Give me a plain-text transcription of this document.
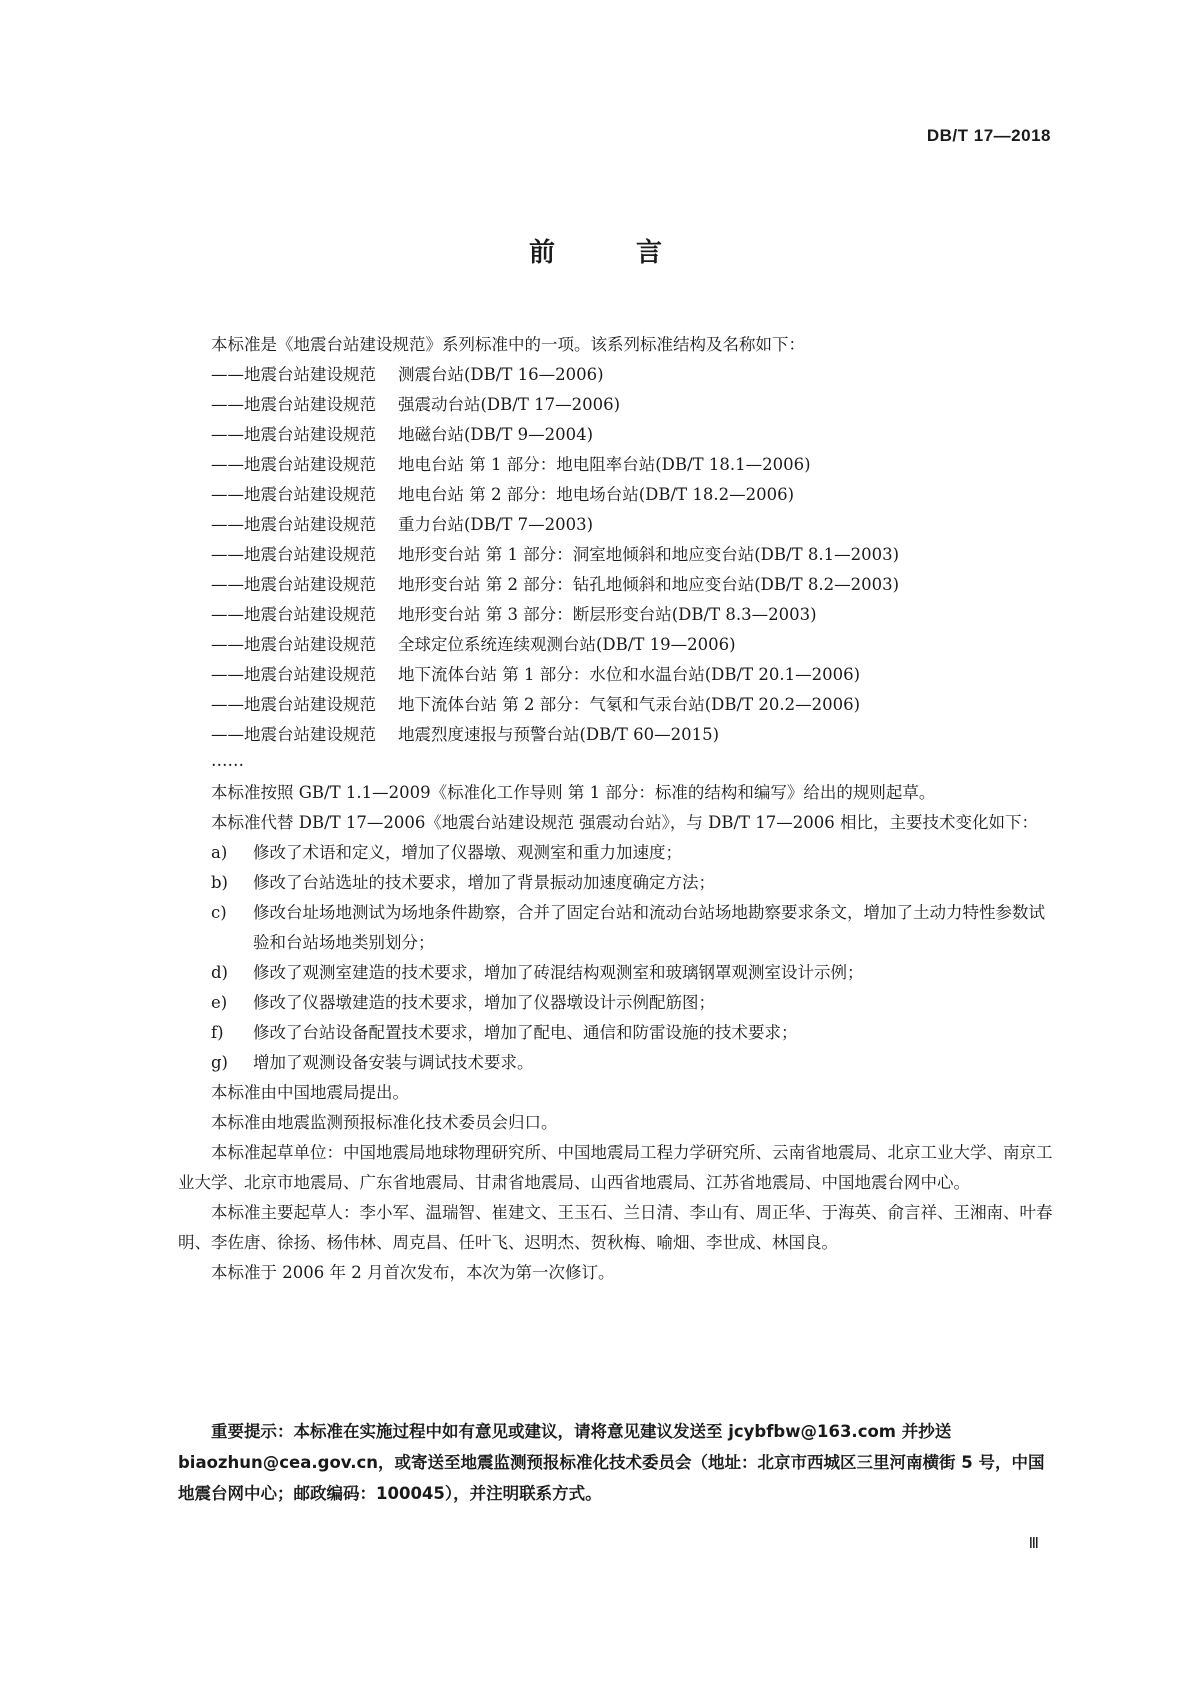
DB/T 17—2018
前 言

本标准是《地震台站建设规范》系列标准中的一项。该系列标准结构及名称如下：

  ——地震台站建设规范 测震台站(DB/T 16—2006)

  ——地震台站建设规范 强震动台站(DB/T 17—2006)

  ——地震台站建设规范 地磁台站(DB/T 9—2004)

  ——地震台站建设规范 地电台站 第 1 部分：地电阻率台站(DB/T 18.1—2006)

  ——地震台站建设规范 地电台站 第 2 部分：地电场台站(DB/T 18.2—2006)

  ——地震台站建设规范 重力台站(DB/T 7—2003)

  ——地震台站建设规范 地形变台站 第 1 部分：洞室地倾斜和地应变台站(DB/T 8.1—2003)

  ——地震台站建设规范 地形变台站 第 2 部分：钻孔地倾斜和地应变台站(DB/T 8.2—2003)

  ——地震台站建设规范 地形变台站 第 3 部分：断层形变台站(DB/T 8.3—2003)

  ——地震台站建设规范 全球定位系统连续观测台站(DB/T 19—2006)

  ——地震台站建设规范 地下流体台站 第 1 部分：水位和水温台站(DB/T 20.1—2006)

  ——地震台站建设规范 地下流体台站 第 2 部分：气氡和气汞台站(DB/T 20.2—2006)

  ——地震台站建设规范 地震烈度速报与预警台站(DB/T 60—2015)

  ……

本标准按照 GB/T 1.1—2009《标准化工作导则 第 1 部分：标准的结构和编写》给出的规则起草。

本标准代替 DB/T 17—2006《地震台站建设规范 强震动台站》，与 DB/T 17—2006 相比，主要技术变化如下：

a) 修改了术语和定义，增加了仪器墩、观测室和重力加速度；

b) 修改了台站选址的技术要求，增加了背景振动加速度确定方法；

c) 修改台址场地测试为场地条件勘察，合并了固定台站和流动台站场地勘察要求条文，增加了土动力特性参数试验和台站场地类别划分；

d) 修改了观测室建造的技术要求，增加了砖混结构观测室和玻璃钢罩观测室设计示例；

e) 修改了仪器墩建造的技术要求，增加了仪器墩设计示例配筋图；

f) 修改了台站设备配置技术要求，增加了配电、通信和防雷设施的技术要求；

g) 增加了观测设备安装与调试技术要求。

本标准由中国地震局提出。

本标准由地震监测预报标准化技术委员会归口。

本标准起草单位：中国地震局地球物理研究所、中国地震局工程力学研究所、云南省地震局、北京工业大学、南京工业大学、北京市地震局、广东省地震局、甘肃省地震局、山西省地震局、江苏省地震局、中国地震台网中心。

本标准主要起草人：李小军、温瑞智、崔建文、王玉石、兰日清、李山有、周正华、于海英、俞言祥、王湘南、叶春明、李佐唐、徐扬、杨伟林、周克昌、任叶飞、迟明杰、贺秋梅、喻畑、李世成、林国良。

本标准于 2006 年 2 月首次发布，本次为第一次修订。

重要提示：本标准在实施过程中如有意见或建议，请将意见建议发送至 jcybfbw@163.com 并抄送 biaozhun@cea.gov.cn，或寄送至地震监测预报标准化技术委员会（地址：北京市西城区三里河南横街 5 号，中国地震台网中心；邮政编码：100045），并注明联系方式。
Ⅲ
